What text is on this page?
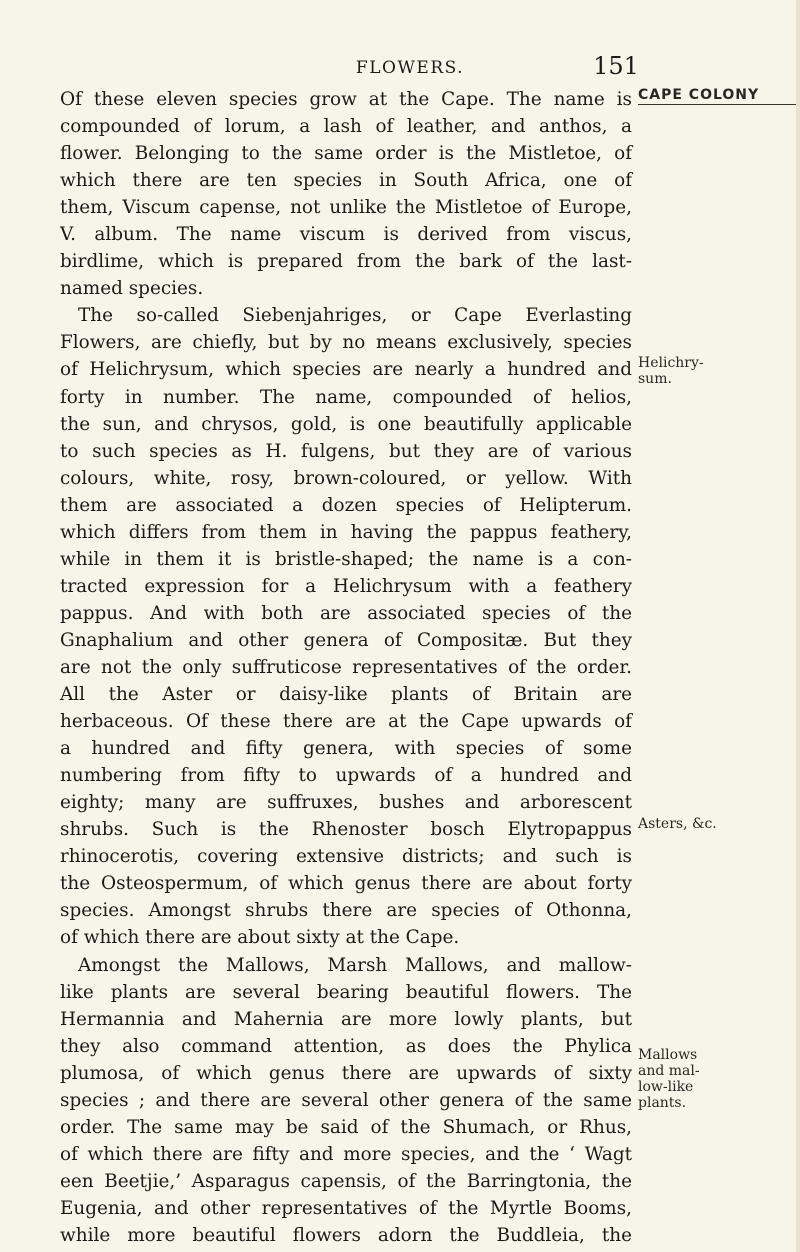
FLOWERS.	151
Of these eleven species grow at the Cape. The name is
compounded of lorum, a lash of leather, and anthos, a
flower. Belonging to the same order is the Mistletoe, of
which there are ten species in South Africa, one of
them, Viscum capense, not unlike the Mistletoe of Europe,
V. album. The name viscum is derived from viscus,
birdlime, which is prepared from the bark of the last-
named species.
The so-called Siebenjahriges, or Cape Everlasting
Flowers, are chiefly, but by no means exclusively, species
of Helichrysum, which species are nearly a hundred and
forty in number. The name, compounded of helios,
the sun, and chrysos, gold, is one beautifully applicable
to such species as H. fulgens, but they are of various
colours, white, rosy, brown-coloured, or yellow. With
them are associated a dozen species of Helipterum.
which differs from them in having the pappus feathery,
while in them it is bristle-shaped; the name is a con-
tracted expression for a Helichrysum with a feathery
pappus. And with both are associated species of the
Gnaphalium and other genera of Compositæ. But they
are not the only suffruticose representatives of the order.
All the Aster or daisy-like plants of Britain are
herbaceous. Of these there are at the Cape upwards of
a hundred and fifty genera, with species of some
numbering from fifty to upwards of a hundred and
eighty; many are suffruxes, bushes and arborescent
shrubs. Such is the Rhenoster bosch Elytropappus
rhinocerotis, covering extensive districts; and such is
the Osteospermum, of which genus there are about forty
species. Amongst shrubs there are species of Othonna,
of which there are about sixty at the Cape.
Amongst the Mallows, Marsh Mallows, and mallow-
like plants are several bearing beautiful flowers. The
Hermannia and Mahernia are more lowly plants, but
they also command attention, as does the Phylica
plumosa, of which genus there are upwards of sixty
species ; and there are several other genera of the same
order. The same may be said of the Shumach, or Rhus,
of which there are fifty and more species, and the ‘ Wagt
een Beetjie,’ Asparagus capensis, of the Barringtonia, the
Eugenia, and other representatives of the Myrtle Booms,
while more beautiful flowers adorn the Buddleia, the
CAPE COLONY
Helichry-
sum.
Asters, &c.
Mallows
and mal-
low-like
plants.
